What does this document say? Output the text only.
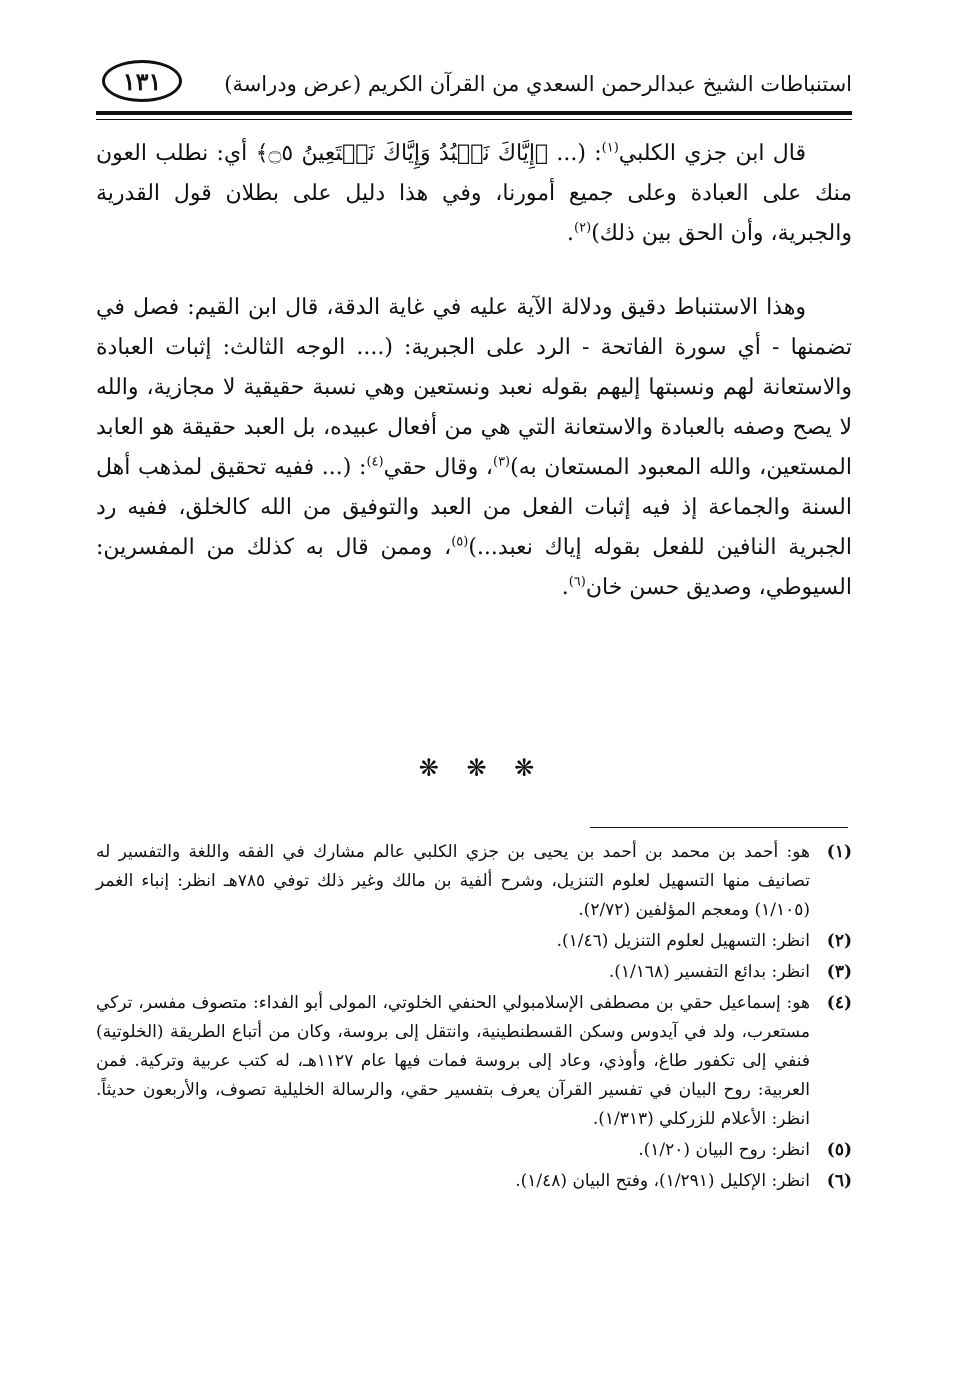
استنباطات الشيخ عبدالرحمن السعدي من القرآن الكريم (عرض ودراسة)
١٣١

قال ابن جزي الكلبي$^{(١)}$: (... ﴿إِيَّاكَ نَعۡبُدُ وَإِيَّاكَ نَسۡتَعِينُ ۝٥﴾ أي: نطلب العون منك على العبادة وعلى جميع أمورنا، وفي هذا دليل على بطلان قول القدرية والجبرية، وأن الحق بين ذلك)$^{(٢)}$.

وهذا الاستنباط دقيق ودلالة الآية عليه في غاية الدقة، قال ابن القيم: فصل في تضمنها - أي سورة الفاتحة - الرد على الجبرية: (.... الوجه الثالث: إثبات العبادة والاستعانة لهم ونسبتها إليهم بقوله نعبد ونستعين وهي نسبة حقيقية لا مجازية، والله لا يصح وصفه بالعبادة والاستعانة التي هي من أفعال عبيده، بل العبد حقيقة هو العابد المستعين، والله المعبود المستعان به)$^{(٣)}$، وقال حقي$^{(٤)}$: (... ففيه تحقيق لمذهب أهل السنة والجماعة إذ فيه إثبات الفعل من العبد والتوفيق من الله كالخلق، ففيه رد الجبرية النافين للفعل بقوله إياك نعبد...)$^{(٥)}$، وممن قال به كذلك من المفسرين: السيوطي، وصديق حسن خان$^{(٦)}$.

❋ ❋ ❋
(١)
هو: أحمد بن محمد بن أحمد بن يحيى بن جزي الكلبي عالم مشارك في الفقه واللغة والتفسير له تصانيف منها التسهيل لعلوم التنزيل، وشرح ألفية بن مالك وغير ذلك توفي ٧٨٥هـ انظر: إنباء الغمر (١/١٠٥) ومعجم المؤلفين (٢/٧٢).
(٢)
انظر: التسهيل لعلوم التنزيل (١/٤٦).
(٣)
انظر: بدائع التفسير (١/١٦٨).
(٤)
هو: إسماعيل حقي بن مصطفى الإسلامبولي الحنفي الخلوتي، المولى أبو الفداء: متصوف مفسر، تركي مستعرب، ولد في آيدوس وسكن القسطنطينية، وانتقل إلى بروسة، وكان من أتباع الطريقة (الخلوتية) فنفي إلى تكفور طاغ، وأوذي، وعاد إلى بروسة فمات فيها عام ١١٢٧هـ، له كتب عربية وتركية. فمن العربية: روح البيان في تفسير القرآن يعرف بتفسير حقي، والرسالة الخليلية تصوف، والأربعون حديثاً. انظر: الأعلام للزركلي (١/٣١٣).
(٥)
انظر: روح البيان (١/٢٠).
(٦)
انظر: الإكليل (١/٢٩١)، وفتح البيان (١/٤٨).
